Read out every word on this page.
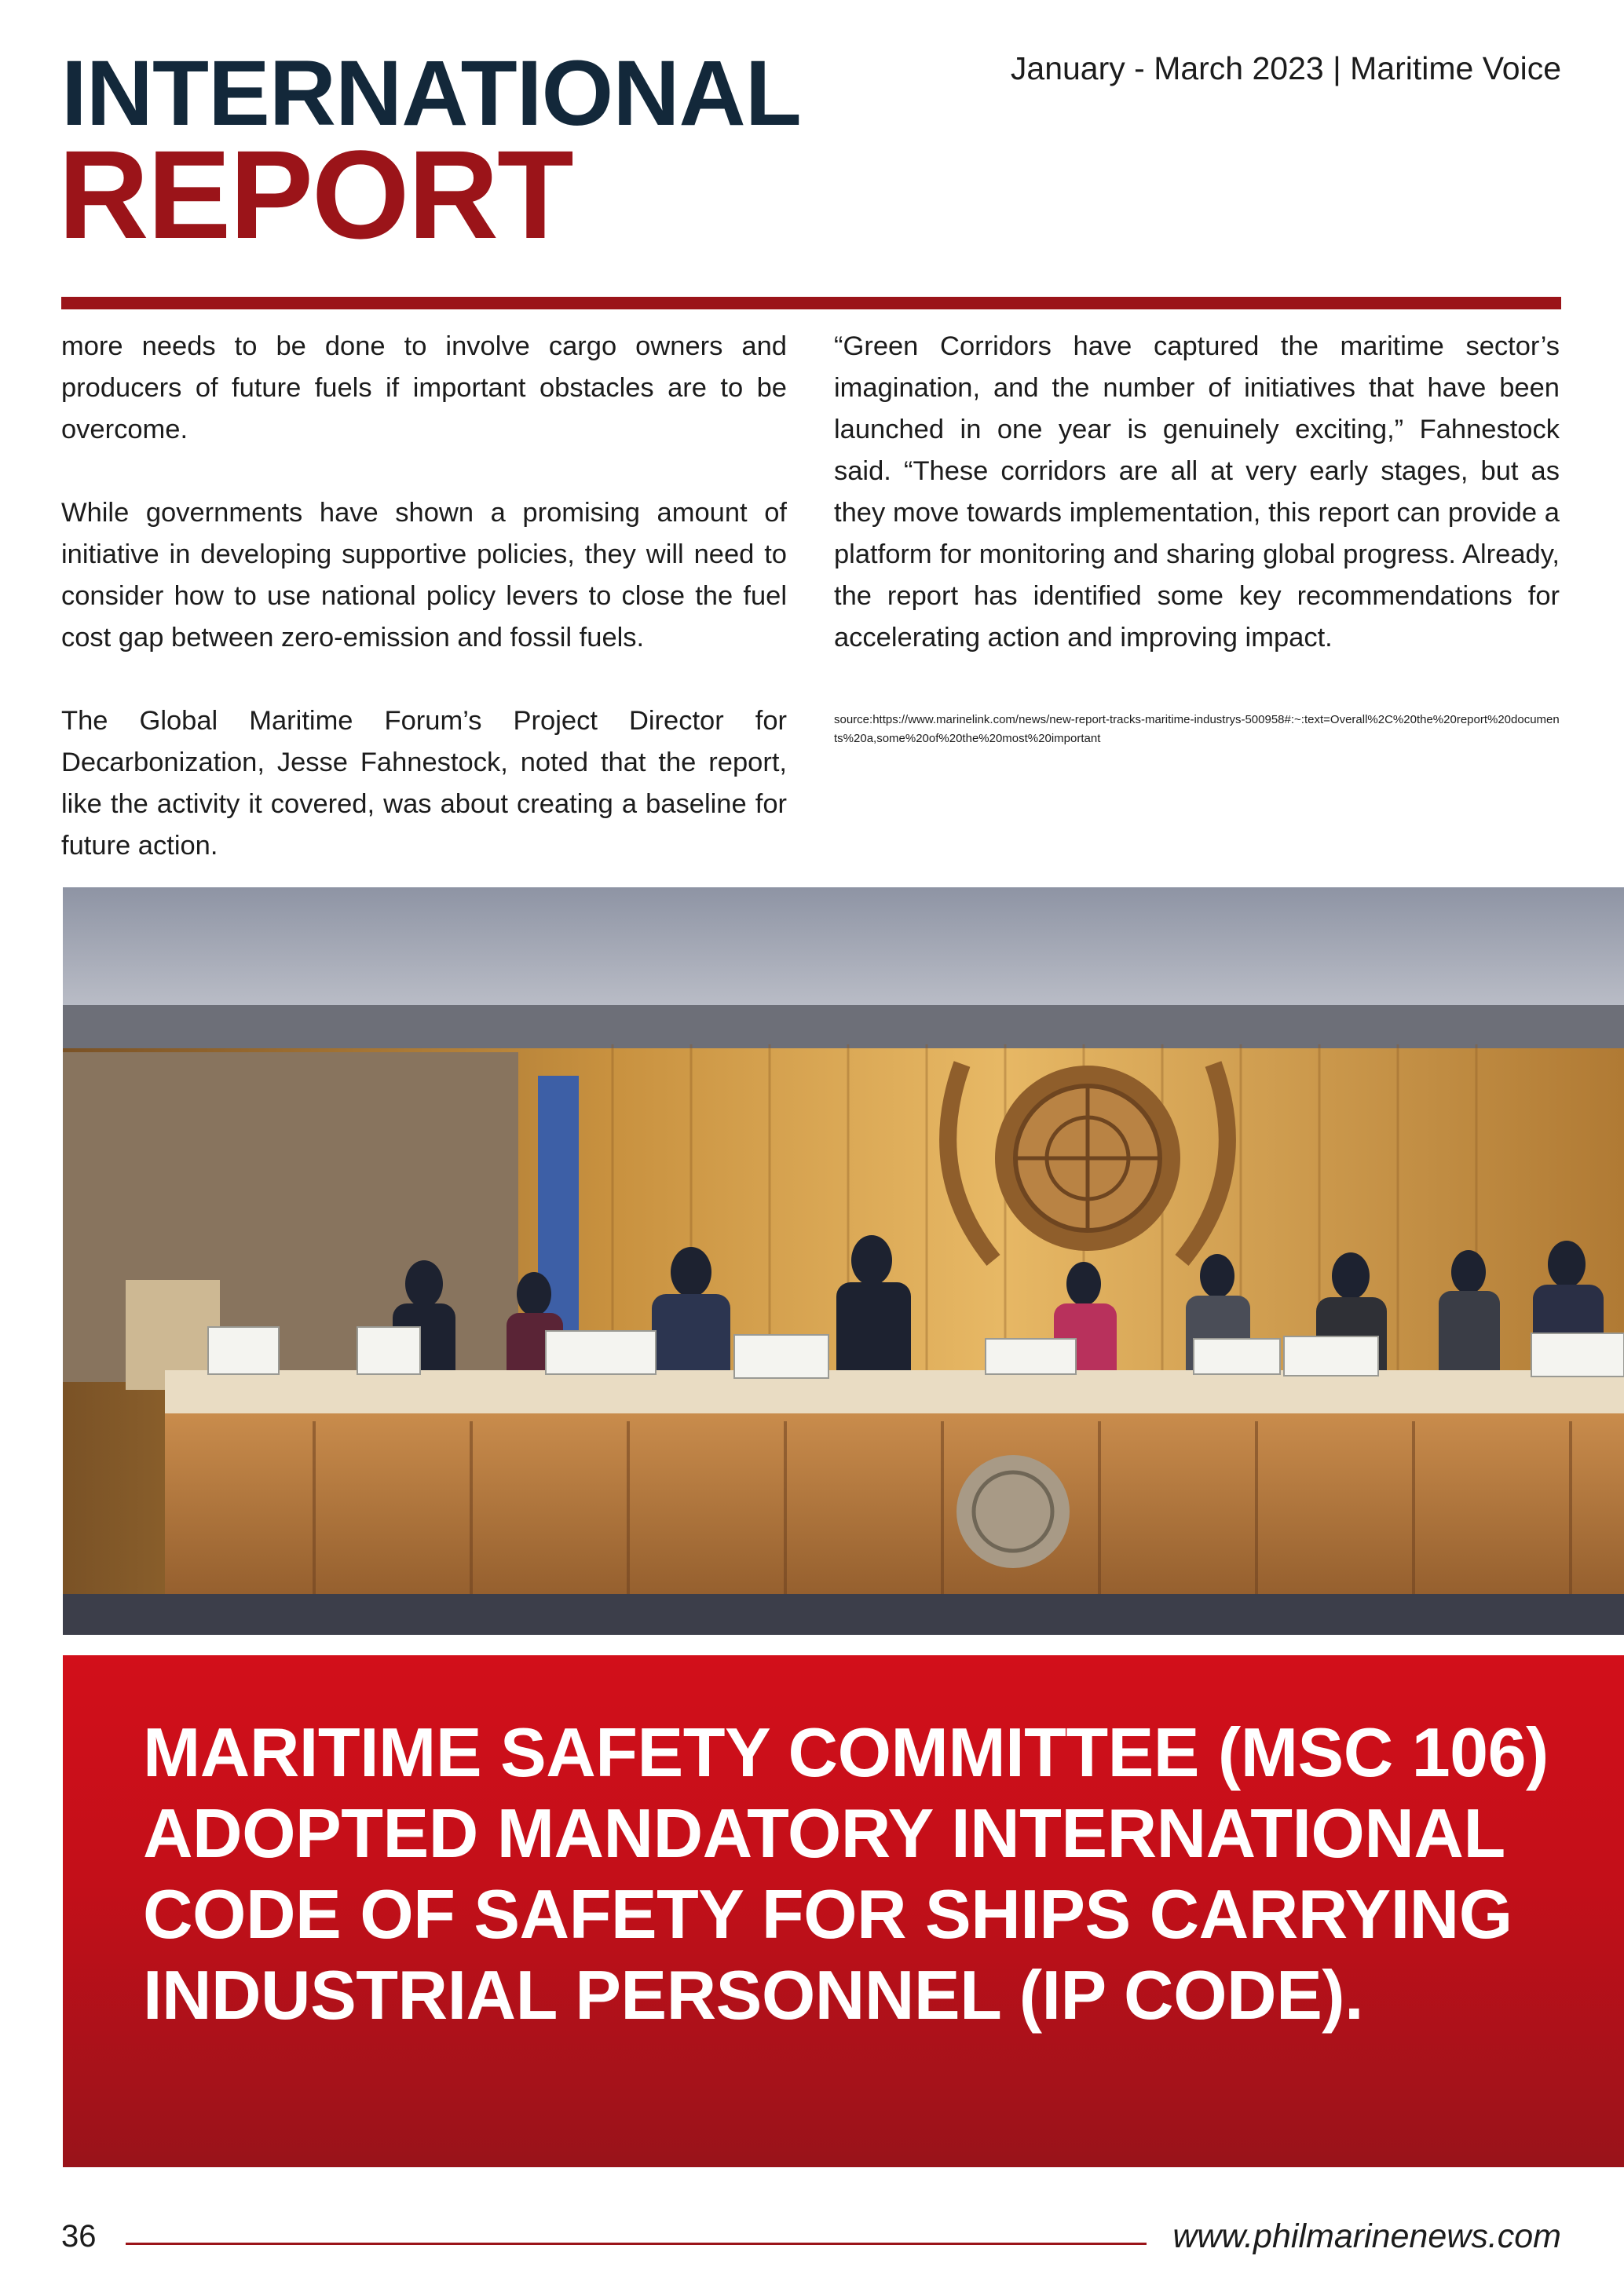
INTERNATIONAL
REPORT
January - March 2023 | Maritime Voice

more needs to be done to involve cargo owners and producers of future fuels if important obstacles are to be overcome.

While governments have shown a promising amount of initiative in developing supportive policies, they will need to consider how to use national policy levers to close the fuel cost gap between zero-emission and fossil fuels.

The Global Maritime Forum’s Project Director for Decarbonization, Jesse Fahnestock, noted that the report, like the activity it covered, was about creating a baseline for future action.

“Green Corridors have captured the maritime sector’s imagination, and the number of initiatives that have been launched in one year is genuinely exciting,” Fahnestock said. “These corridors are all at very early stages, but as they move towards implementation, this report can provide a platform for monitoring and sharing global progress. Already, the report has identified some key recommendations for accelerating action and improving impact.

source:https://www.marinelink.com/news/new-report-tracks-maritime-industrys-500958#:~:text=Overall%2C%20the%20report%20documents%20a,some%20of%20the%20most%20important
MARITIME SAFETY COMMITTEE (MSC 106) ADOPTED MANDATORY INTERNATIONAL CODE OF SAFETY FOR SHIPS CARRYING INDUSTRIAL PERSONNEL (IP CODE).
36	www.philmarinenews.com
